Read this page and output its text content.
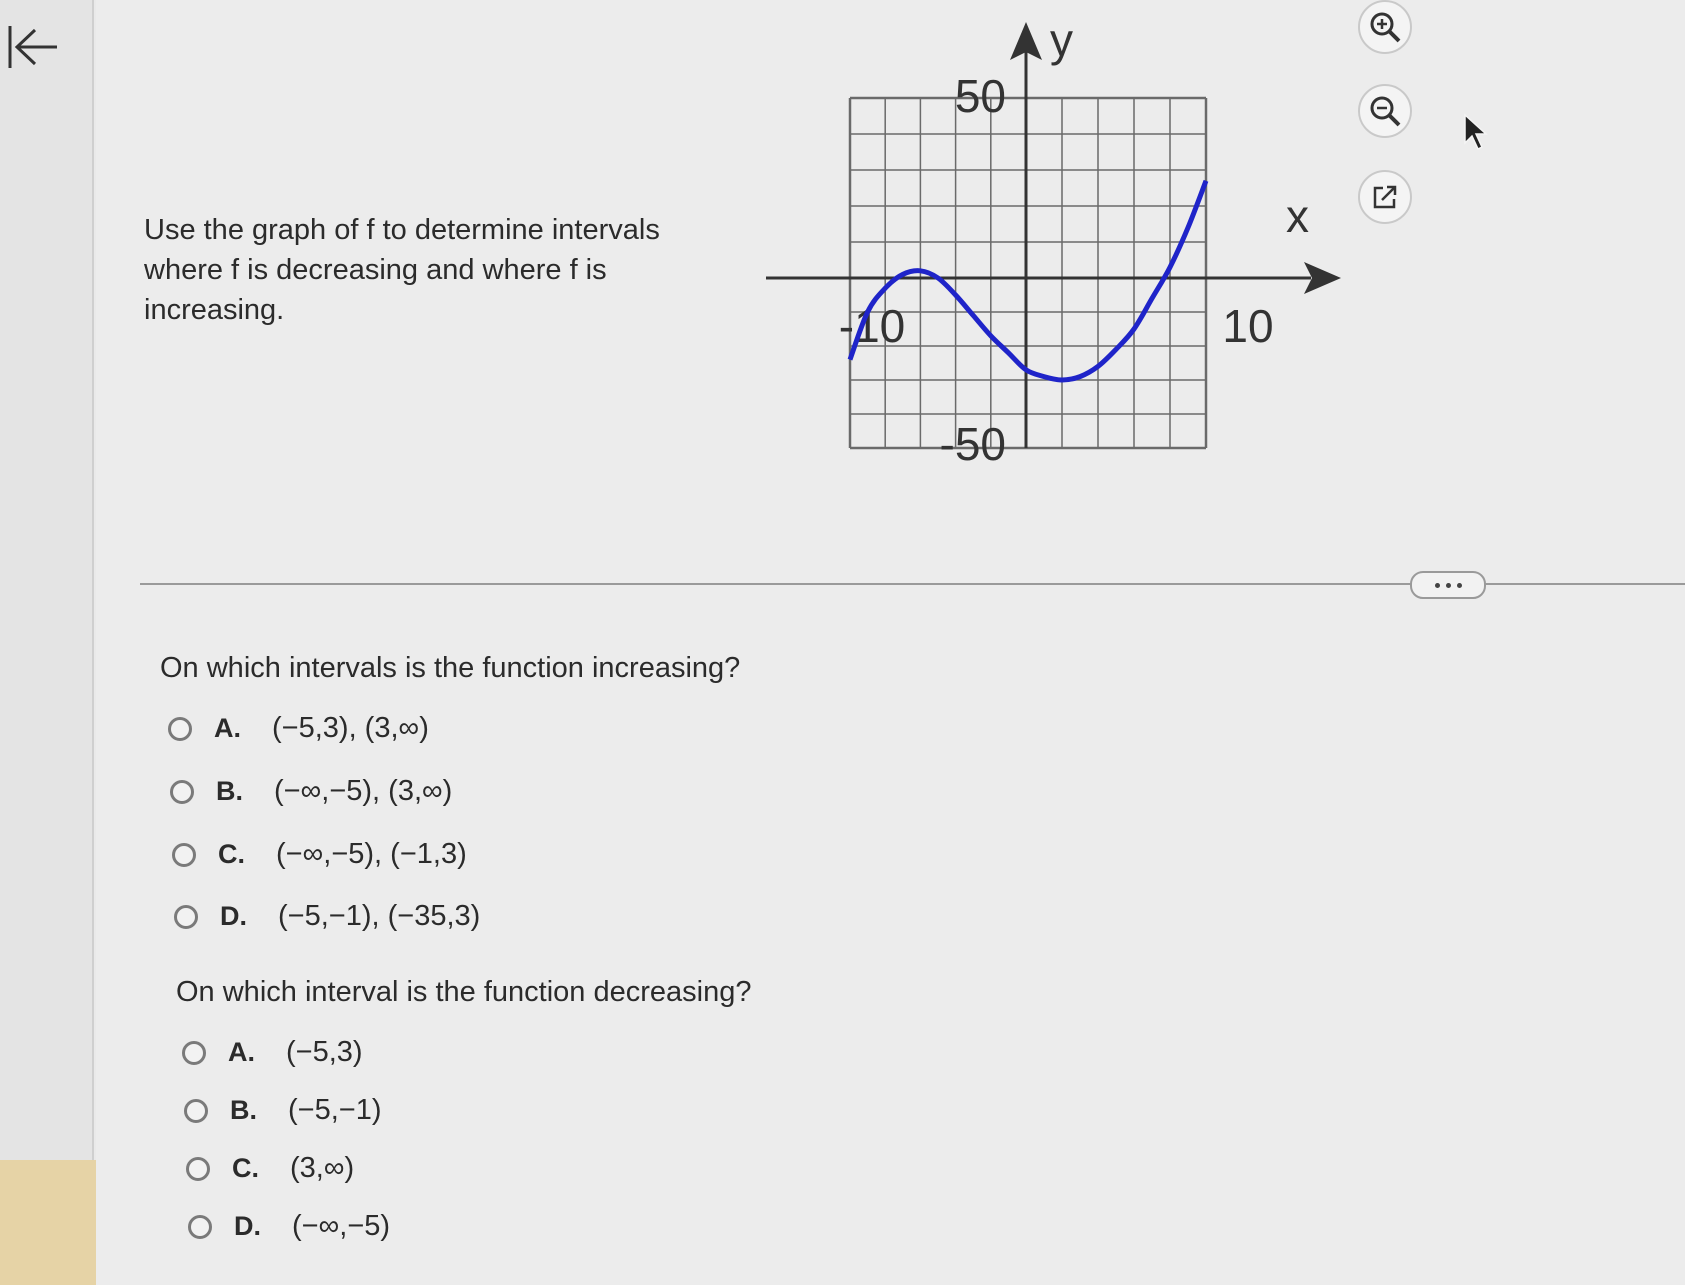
Use the graph of f to determine intervals where f is decreasing and where f is increasing.
y
x
50
-50
-10	10
On which intervals is the function increasing?
A.	(−5,3), (3,∞)
B.	(−∞,−5), (3,∞)
C.	(−∞,−5), (−1,3)
D.	(−5,−1), (−35,3)
On which interval is the function decreasing?
A.	(−5,3)
B.	(−5,−1)
C.	(3,∞)
D.	(−∞,−5)
